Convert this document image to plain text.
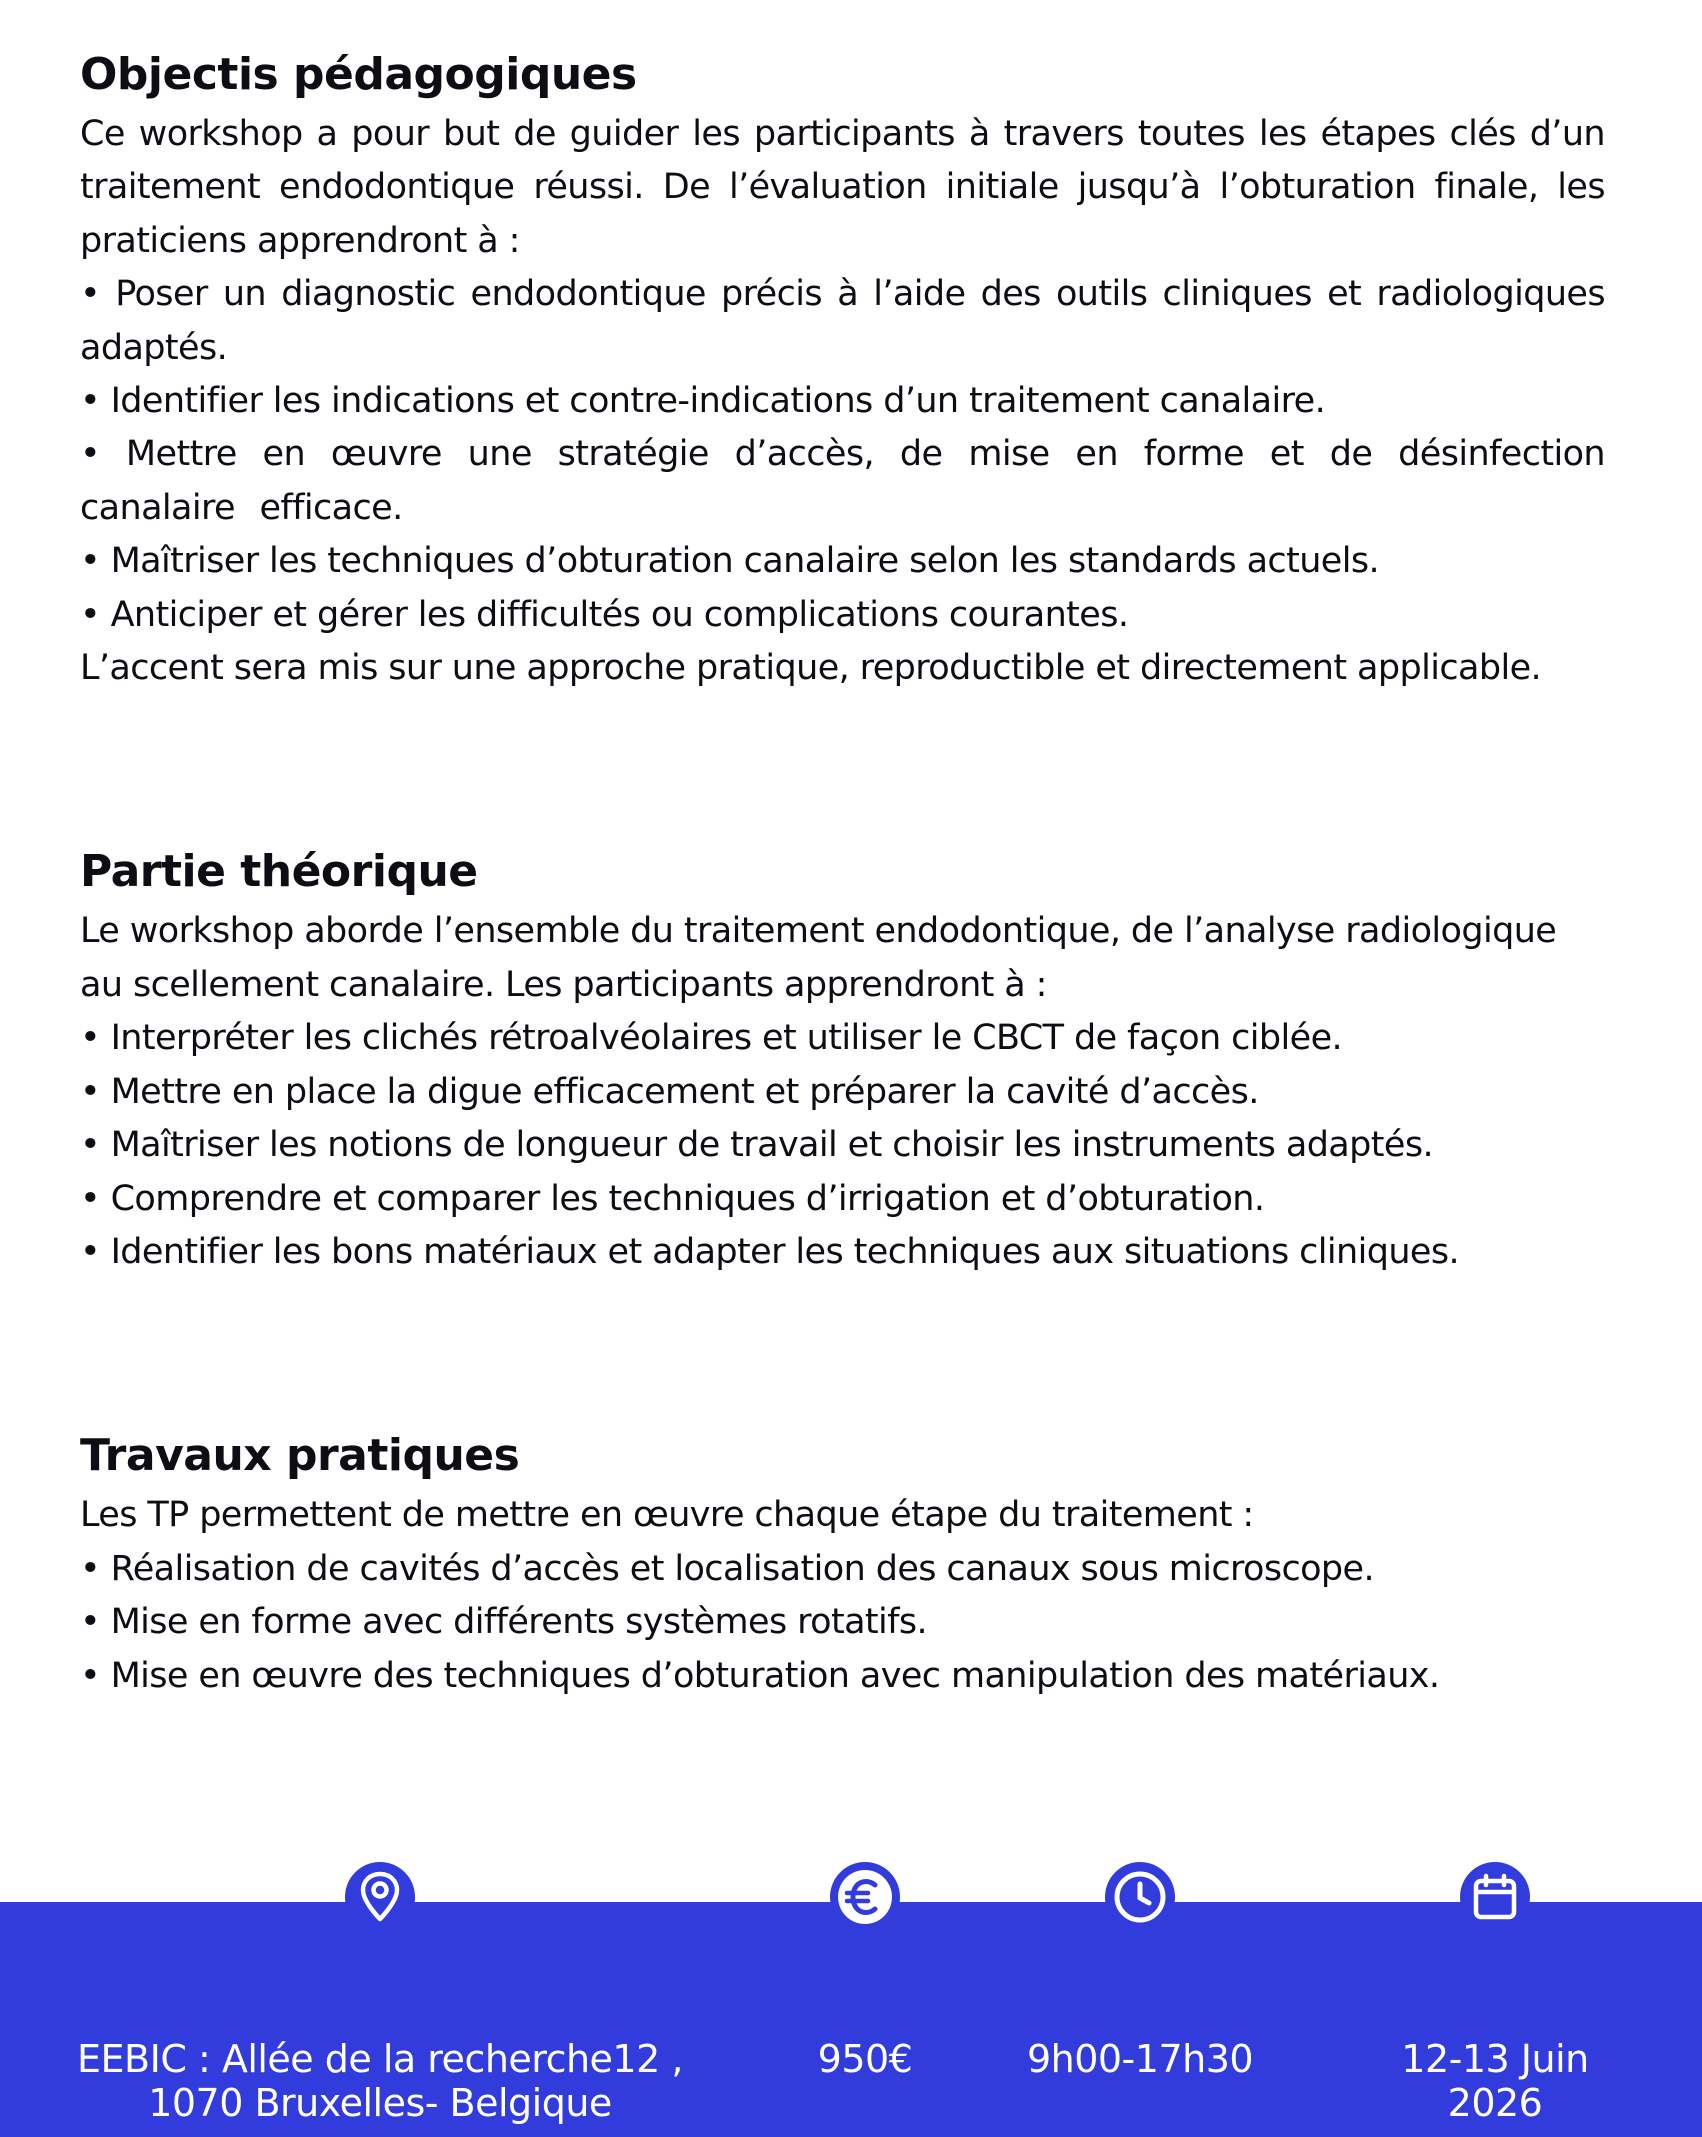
Objectis pédagogiques

Ce workshop a pour but de guider les participants à travers toutes les étapes clés d’un traitement endodontique réussi. De l’évaluation initiale jusqu’à l’obturation finale, les praticiens apprendront à :

• Poser un diagnostic endodontique précis à l’aide des outils cliniques et radiologiques adaptés.
• Identifier les indications et contre-indications d’un traitement canalaire.
• Mettre en œuvre une stratégie d’accès, de mise en forme et de désinfection canalaire efficace.
• Maîtriser les techniques d’obturation canalaire selon les standards actuels.
• Anticiper et gérer les difficultés ou complications courantes.

L’accent sera mis sur une approche pratique, reproductible et directement applicable.

Partie théorique

Le workshop aborde l’ensemble du traitement endodontique, de l’analyse radiologique au scellement canalaire. Les participants apprendront à :

• Interpréter les clichés rétroalvéolaires et utiliser le CBCT de façon ciblée.
• Mettre en place la digue efficacement et préparer la cavité d’accès.
• Maîtriser les notions de longueur de travail et choisir les instruments adaptés.
• Comprendre et comparer les techniques d’irrigation et d’obturation.
• Identifier les bons matériaux et adapter les techniques aux situations cliniques.
Travaux pratiques

Les TP permettent de mettre en œuvre chaque étape du traitement :

• Réalisation de cavités d’accès et localisation des canaux sous microscope.
• Mise en forme avec différents systèmes rotatifs.
• Mise en œuvre des techniques d’obturation avec manipulation des matériaux.
EEBIC : Allée de la recherche12 ,
1070 Bruxelles- Belgique
950€	9h00-17h30	12-13 Juin
2026
